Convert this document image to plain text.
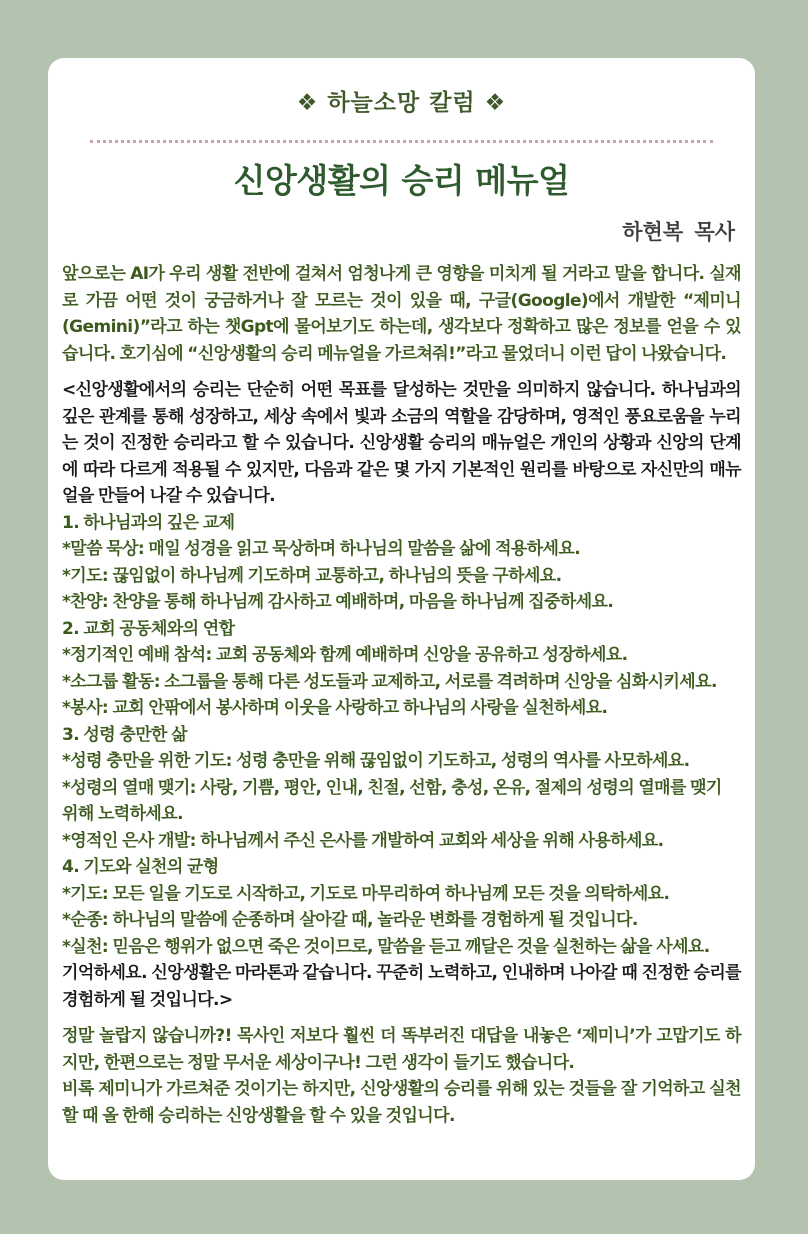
❖ 하늘소망 칼럼 ❖
신앙생활의 승리 메뉴얼
하현복 목사
앞으로는 AI가 우리 생활 전반에 걸쳐서 엄청나게 큰 영향을 미치게 될 거라고 말을 합니다. 실재로 가끔 어떤 것이 궁금하거나 잘 모르는 것이 있을 때, 구글(Google)에서 개발한 “제미니(Gemini)”라고 하는 챗Gpt에 물어보기도 하는데, 생각보다 정확하고 많은 정보를 얻을 수 있습니다. 호기심에 “신앙생활의 승리 메뉴얼을 가르쳐줘!”라고 물었더니 이런 답이 나왔습니다.

<신앙생활에서의 승리는 단순히 어떤 목표를 달성하는 것만을 의미하지 않습니다. 하나님과의 깊은 관계를 통해 성장하고, 세상 속에서 빛과 소금의 역할을 감당하며, 영적인 풍요로움을 누리는 것이 진정한 승리라고 할 수 있습니다. 신앙생활 승리의 매뉴얼은 개인의 상황과 신앙의 단계에 따라 다르게 적용될 수 있지만, 다음과 같은 몇 가지 기본적인 원리를 바탕으로 자신만의 매뉴얼을 만들어 나갈 수 있습니다.

1. 하나님과의 깊은 교제

*말씀 묵상: 매일 성경을 읽고 묵상하며 하나님의 말씀을 삶에 적용하세요.

*기도: 끊임없이 하나님께 기도하며 교통하고, 하나님의 뜻을 구하세요.

*찬양: 찬양을 통해 하나님께 감사하고 예배하며, 마음을 하나님께 집중하세요.

2. 교회 공동체와의 연합

*정기적인 예배 참석: 교회 공동체와 함께 예배하며 신앙을 공유하고 성장하세요.

*소그룹 활동: 소그룹을 통해 다른 성도들과 교제하고, 서로를 격려하며 신앙을 심화시키세요.

*봉사: 교회 안팎에서 봉사하며 이웃을 사랑하고 하나님의 사랑을 실천하세요.

3. 성령 충만한 삶

*성령 충만을 위한 기도: 성령 충만을 위해 끊임없이 기도하고, 성령의 역사를 사모하세요.

*성령의 열매 맺기: 사랑, 기쁨, 평안, 인내, 친절, 선함, 충성, 온유, 절제의 성령의 열매를 맺기 위해 노력하세요.

*영적인 은사 개발: 하나님께서 주신 은사를 개발하여 교회와 세상을 위해 사용하세요.

4. 기도와 실천의 균형

*기도: 모든 일을 기도로 시작하고, 기도로 마무리하여 하나님께 모든 것을 의탁하세요.

*순종: 하나님의 말씀에 순종하며 살아갈 때, 놀라운 변화를 경험하게 될 것입니다.

*실천: 믿음은 행위가 없으면 죽은 것이므로, 말씀을 듣고 깨달은 것을 실천하는 삶을 사세요.

기억하세요. 신앙생활은 마라톤과 같습니다. 꾸준히 노력하고, 인내하며 나아갈 때 진정한 승리를 경험하게 될 것입니다.>

정말 놀랍지 않습니까?! 목사인 저보다 훨씬 더 똑부러진 대답을 내놓은 ‘제미니’가 고맙기도 하지만, 한편으로는 정말 무서운 세상이구나! 그런 생각이 들기도 했습니다.

비록 제미니가 가르쳐준 것이기는 하지만, 신앙생활의 승리를 위해 있는 것들을 잘 기억하고 실천할 때 올 한해 승리하는 신앙생활을 할 수 있을 것입니다.
